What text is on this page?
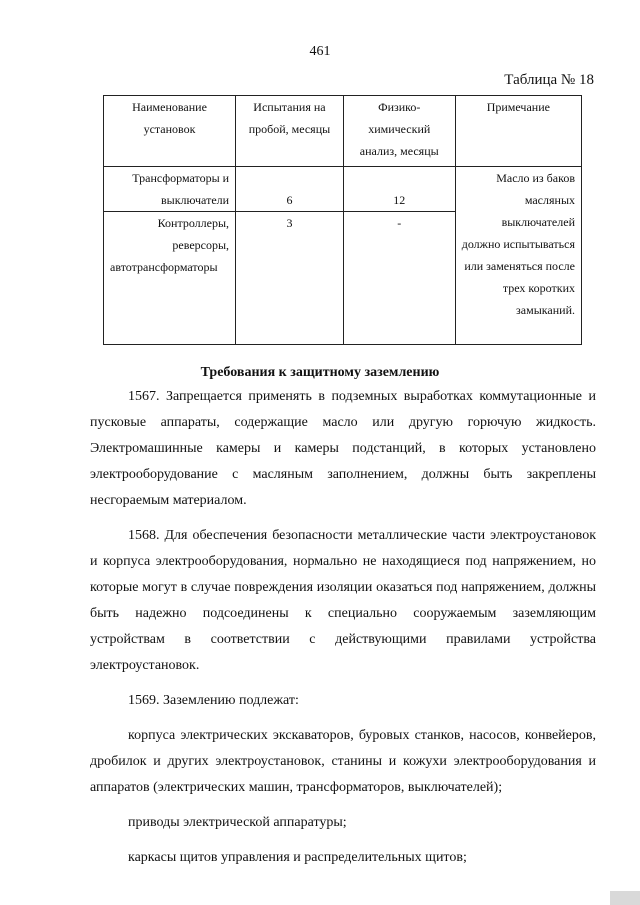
461
Таблица № 18
Наименование установок	Испытания на пробой, месяцы	Физико-химический анализ, месяцы	Примечание

Трансформаторы и
выключатели	6	12	Масло из баков масляных выключателей должно испытываться или заменяться после трех коротких замыканий.

Контроллеры,
реверсоры,
автотрансформаторы	3	-	
Требования к защитному заземлению

1567. Запрещается применять в подземных выработках коммутационные и пусковые аппараты, содержащие масло или другую горючую жидкость. Электромашинные камеры и камеры подстанций, в которых установлено электрооборудование с масляным заполнением, должны быть закреплены несгораемым материалом.

1568. Для обеспечения безопасности металлические части электроустановок и корпуса электрооборудования, нормально не находящиеся под напряжением, но которые могут в случае повреждения изоляции оказаться под напряжением, должны быть надежно подсоединены к специально сооружаемым заземляющим устройствам в соответствии с действующими правилами устройства электроустановок.

1569. Заземлению подлежат:

корпуса электрических экскаваторов, буровых станков, насосов, конвейеров, дробилок и других электроустановок, станины и кожухи электрооборудования и аппаратов (электрических машин, трансформаторов, выключателей);

приводы электрической аппаратуры;

каркасы щитов управления и распределительных щитов;
